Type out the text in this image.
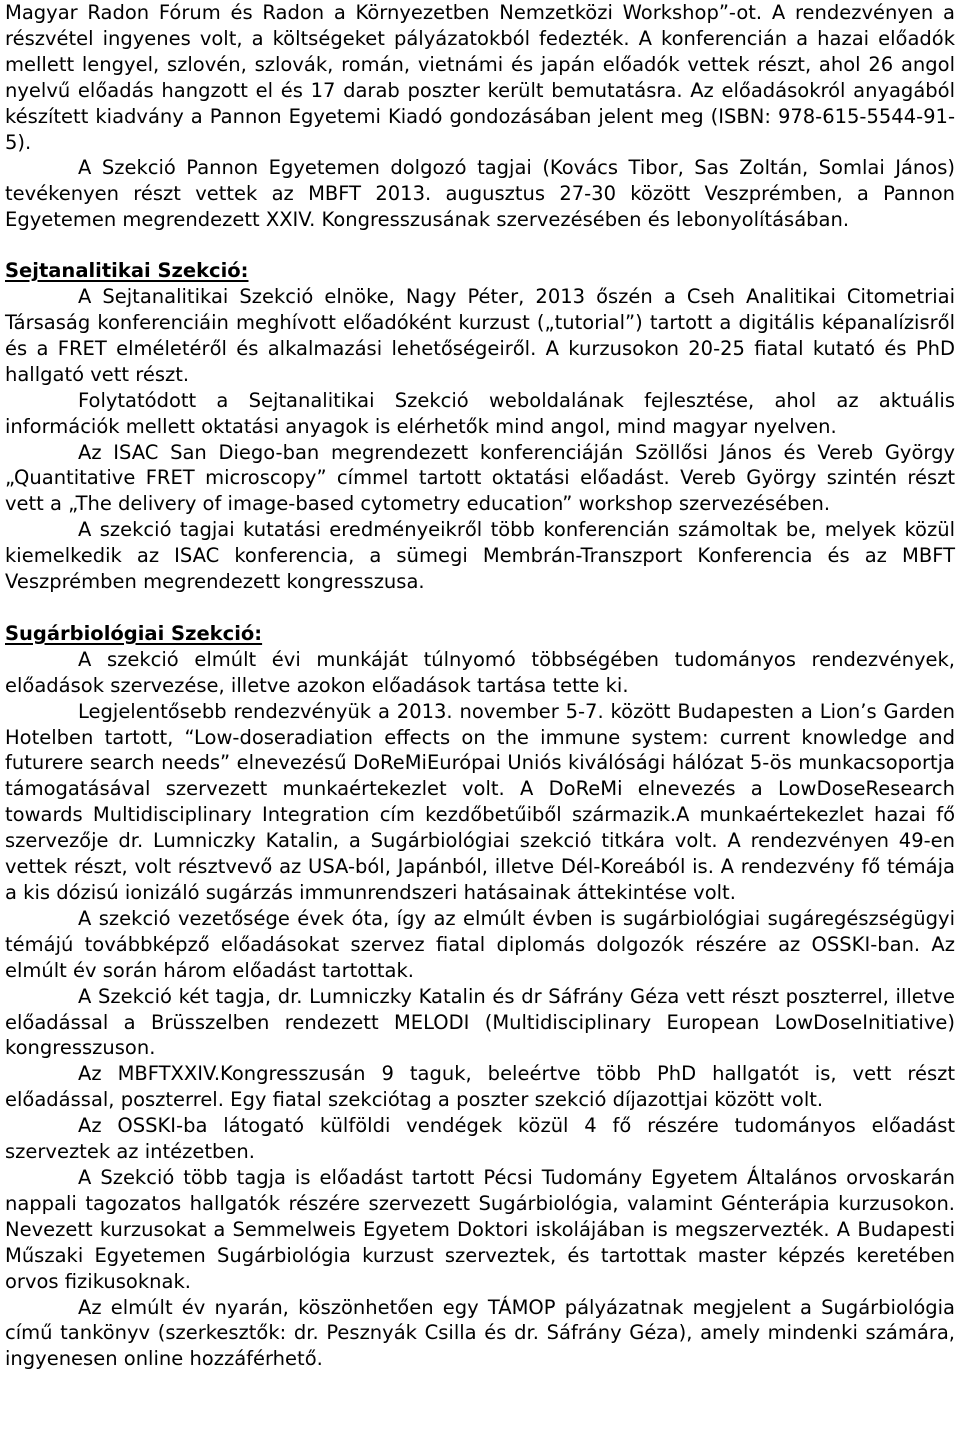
Magyar Radon Fórum és Radon a Környezetben Nemzetközi Workshop”-ot. A rendezvényen a részvétel ingyenes volt, a költségeket pályázatokból fedezték. A konferencián a hazai előadók mellett lengyel, szlovén, szlovák, román, vietnámi és japán előadók vettek részt, ahol 26 angol nyelvű előadás hangzott el és 17 darab poszter került bemutatásra. Az előadásokról anyagából készített kiadvány a Pannon Egyetemi Kiadó gondozásában jelent meg (ISBN: 978-615-5544-91-5).

A Szekció Pannon Egyetemen dolgozó tagjai (Kovács Tibor, Sas Zoltán, Somlai János) tevékenyen részt vettek az MBFT 2013. augusztus 27-30 között Veszprémben, a Pannon Egyetemen megrendezett XXIV. Kongresszusának szervezésében és lebonyolításában.

Sejtanalitikai Szekció:

A Sejtanalitikai Szekció elnöke, Nagy Péter, 2013 őszén a Cseh Analitikai Citometriai Társaság konferenciáin meghívott előadóként kurzust („tutorial”) tartott a digitális képanalízisről és a FRET elméletéről és alkalmazási lehetőségeiről. A kurzusokon 20-25 fiatal kutató és PhD hallgató vett részt.

Folytatódott a Sejtanalitikai Szekció weboldalának fejlesztése, ahol az aktuális információk mellett oktatási anyagok is elérhetők mind angol, mind magyar nyelven.

Az ISAC San Diego-ban megrendezett konferenciáján Szöllősi János és Vereb György „Quantitative FRET microscopy” címmel tartott oktatási előadást. Vereb György szintén részt vett a „The delivery of image-based cytometry education” workshop szervezésében.

A szekció tagjai kutatási eredményeikről több konferencián számoltak be, melyek közül kiemelkedik az ISAC konferencia, a sümegi Membrán-Transzport Konferencia és az MBFT Veszprémben megrendezett kongresszusa.

Sugárbiológiai Szekció:

A szekció elmúlt évi munkáját túlnyomó többségében tudományos rendezvények, előadások szervezése, illetve azokon előadások tartása tette ki.

Legjelentősebb rendezvényük a 2013. november 5-7. között Budapesten a Lion’s Garden Hotelben tartott, “Low-doseradiation effects on the immune system: current knowledge and futurere search needs” elnevezésű DoReMiEurópai Uniós kiválósági hálózat 5-ös munkacsoportja támogatásával szervezett munkaértekezlet volt. A DoReMi elnevezés a LowDoseResearch towards Multidisciplinary Integration cím kezdőbetűiből származik.A munkaértekezlet hazai fő szervezője dr. Lumniczky Katalin, a Sugárbiológiai szekció titkára volt. A rendezvényen 49-en vettek részt, volt résztvevő az USA-ból, Japánból, illetve Dél-Koreából is. A rendezvény fő témája a kis dózisú ionizáló sugárzás immunrendszeri hatásainak áttekintése volt.

A szekció vezetősége évek óta, így az elmúlt évben is sugárbiológiai sugáregészségügyi témájú továbbképző előadásokat szervez fiatal diplomás dolgozók részére az OSSKI-ban. Az elmúlt év során három előadást tartottak.

A Szekció két tagja, dr. Lumniczky Katalin és dr Sáfrány Géza vett részt poszterrel, illetve előadással a Brüsszelben rendezett MELODI (Multidisciplinary European LowDoseInitiative) kongresszuson.

Az MBFTXXIV.Kongresszusán 9 taguk, beleértve több PhD hallgatót is, vett részt előadással, poszterrel. Egy fiatal szekciótag a poszter szekció díjazottjai között volt.

Az OSSKI-ba látogató külföldi vendégek közül 4 fő részére tudományos előadást szerveztek az intézetben.

A Szekció több tagja is előadást tartott Pécsi Tudomány Egyetem Általános orvoskarán nappali tagozatos hallgatók részére szervezett Sugárbiológia, valamint Génterápia kurzusokon. Nevezett kurzusokat a Semmelweis Egyetem Doktori iskolájában is megszervezték. A Budapesti Műszaki Egyetemen Sugárbiológia kurzust szerveztek, és tartottak master képzés keretében orvos fizikusoknak.

Az elmúlt év nyarán, köszönhetően egy TÁMOP pályázatnak megjelent a Sugárbiológia című tankönyv (szerkesztők: dr. Pesznyák Csilla és dr. Sáfrány Géza), amely mindenki számára, ingyenesen online hozzáférhető.
